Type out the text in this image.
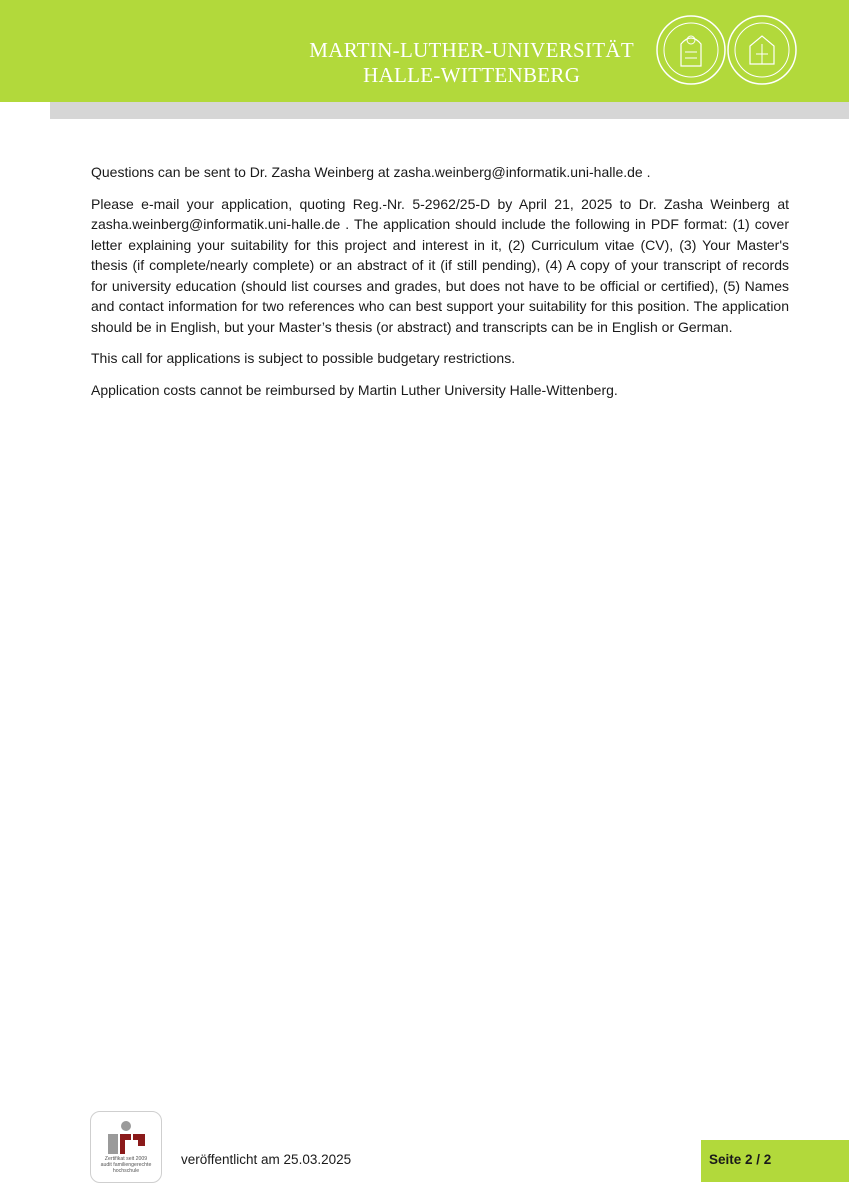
MARTIN-LUTHER-UNIVERSITÄT
HALLE-WITTENBERG

Questions can be sent to Dr. Zasha Weinberg at zasha.weinberg@informatik.uni-halle.de .

Please e-mail your application, quoting Reg.-Nr. 5-2962/25-D by April 21, 2025 to Dr. Zasha Weinberg at zasha.weinberg@informatik.uni-halle.de . The application should include the following in PDF format: (1) cover letter explaining your suitability for this project and interest in it, (2) Curriculum vitae (CV), (3) Your Master's thesis (if complete/nearly complete) or an abstract of it (if still pending), (4) A copy of your transcript of records for university education (should list courses and grades, but does not have to be official or certified), (5) Names and contact information for two references who can best support your suitability for this position. The application should be in English, but your Master’s thesis (or abstract) and transcripts can be in English or German.

This call for applications is subject to possible budgetary restrictions.

Application costs cannot be reimbursed by Martin Luther University Halle-Wittenberg.

Zertifikat seit 2009
audit familiengerechte
hochschule
veröffentlicht am 25.03.2025	Seite 2 / 2
